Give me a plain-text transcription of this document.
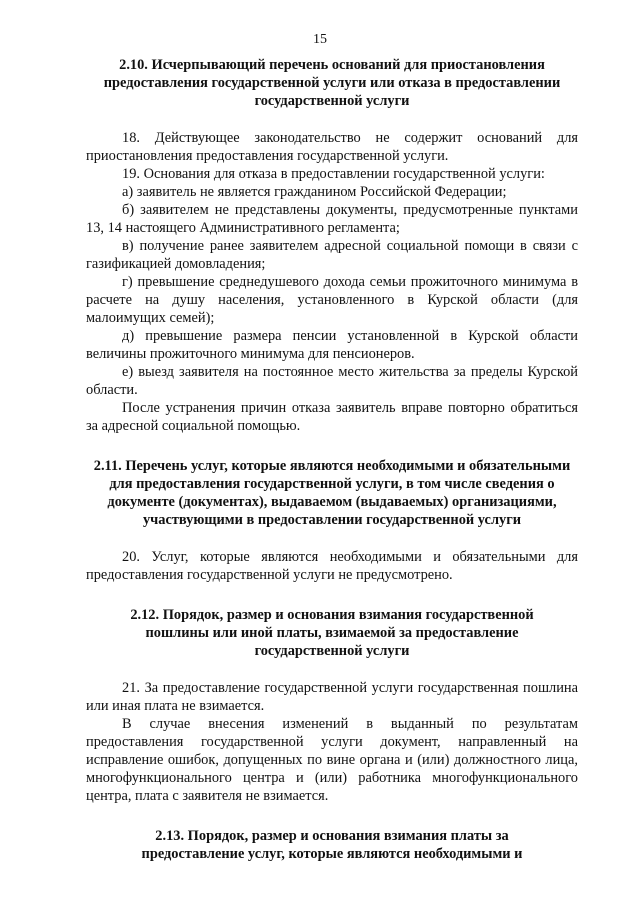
15
2.10. Исчерпывающий перечень оснований для приостановления предоставления государственной услуги или отказа в предоставлении государственной услуги

18. Действующее законодательство не содержит оснований для приостановления предоставления государственной услуги.

19. Основания для отказа в предоставлении государственной услуги:

а) заявитель не является гражданином Российской Федерации;

б) заявителем не представлены документы, предусмотренные пунктами 13, 14 настоящего Административного регламента;

в) получение ранее заявителем адресной социальной помощи в связи с газификацией домовладения;

г) превышение среднедушевого дохода семьи прожиточного минимума в расчете на душу населения, установленного в Курской области (для малоимущих семей);

д) превышение размера пенсии установленной в Курской области величины прожиточного минимума для пенсионеров.

е) выезд заявителя на постоянное место жительства за пределы Курской области.

После устранения причин отказа заявитель вправе повторно обратиться за адресной социальной помощью.

2.11. Перечень услуг, которые являются необходимыми и обязательными для предоставления государственной услуги, в том числе сведения о документе (документах), выдаваемом (выдаваемых) организациями, участвующими в предоставлении государственной услуги

20. Услуг, которые являются необходимыми и обязательными для предоставления государственной услуги не предусмотрено.

2.12. Порядок, размер и основания взимания государственной пошлины или иной платы, взимаемой за предоставление государственной услуги

21. За предоставление государственной услуги государственная пошлина или иная плата не взимается.

В случае внесения изменений в выданный по результатам предоставления государственной услуги документ, направленный на исправление ошибок, допущенных по вине органа и (или) должностного лица, многофункционального центра и (или) работника многофункционального центра, плата с заявителя не взимается.

2.13. Порядок, размер и основания взимания платы за предоставление услуг, которые являются необходимыми и
